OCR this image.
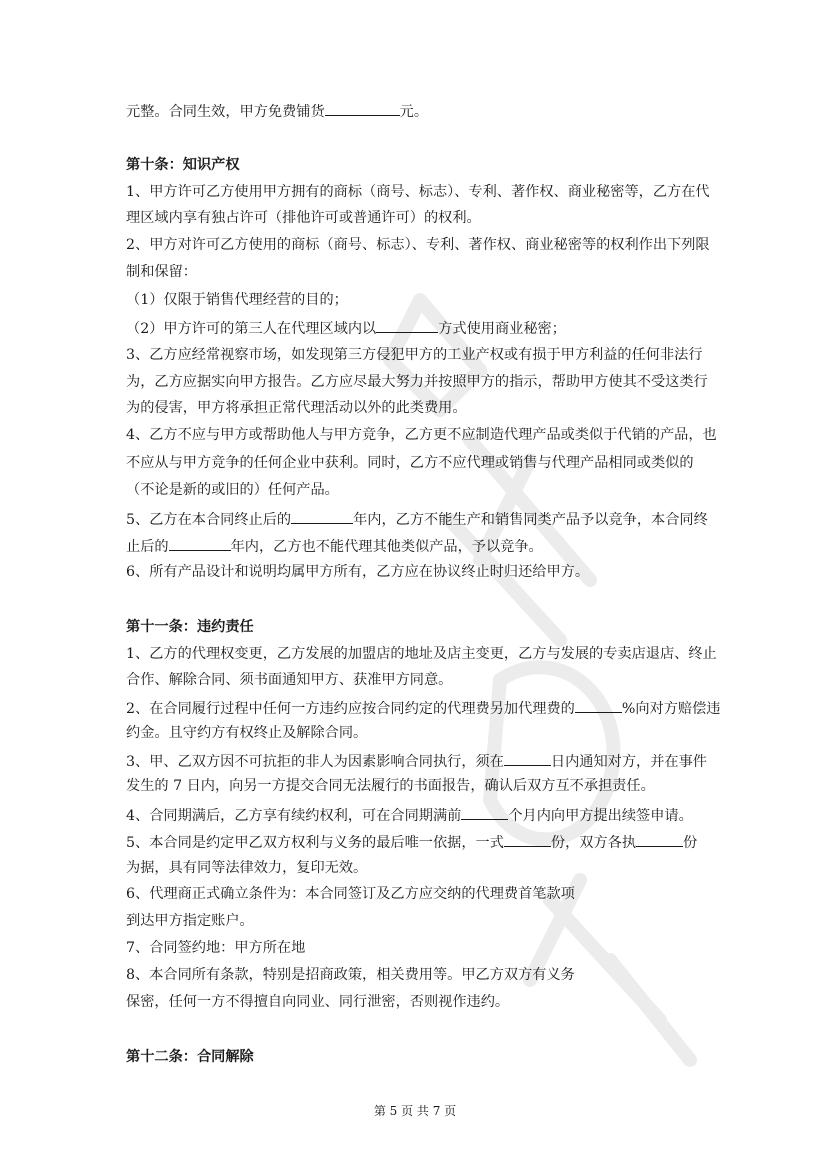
元整。合同生效，甲方免费铺货	元。
第十条：知识产权
1、甲方许可乙方使用甲方拥有的商标（商号、标志）、专利、著作权、商业秘密等，乙方在代
理区域内享有独占许可（排他许可或普通许可）的权利。
2、甲方对许可乙方使用的商标（商号、标志）、专利、著作权、商业秘密等的权利作出下列限
制和保留：
（1）仅限于销售代理经营的目的；
（2）甲方许可的第三人在代理区域内以	方式使用商业秘密；
3、乙方应经常视察市场，如发现第三方侵犯甲方的工业产权或有损于甲方利益的任何非法行
为，乙方应据实向甲方报告。乙方应尽最大努力并按照甲方的指示，帮助甲方使其不受这类行
为的侵害，甲方将承担正常代理活动以外的此类费用。
4、乙方不应与甲方或帮助他人与甲方竞争，乙方更不应制造代理产品或类似于代销的产品，也
不应从与甲方竞争的任何企业中获利。同时，乙方不应代理或销售与代理产品相同或类似的
（不论是新的或旧的）任何产品。
5、乙方在本合同终止后的	年内，乙方不能生产和销售同类产品予以竞争，本合同终
止后的	年内，乙方也不能代理其他类似产品，予以竞争。
6、所有产品设计和说明均属甲方所有，乙方应在协议终止时归还给甲方。
第十一条：违约责任
1、乙方的代理权变更，乙方发展的加盟店的地址及店主变更，乙方与发展的专卖店退店、终止
合作、解除合同、须书面通知甲方、获准甲方同意。
2、在合同履行过程中任何一方违约应按合同约定的代理费另加代理费的	%向对方赔偿违
约金。且守约方有权终止及解除合同。
3、甲、乙双方因不可抗拒的非人为因素影响合同执行，须在	日内通知对方，并在事件
发生的 7 日内，向另一方提交合同无法履行的书面报告，确认后双方互不承担责任。
4、合同期满后，乙方享有续约权利，可在合同期满前	个月内向甲方提出续签申请。
5、本合同是约定甲乙双方权利与义务的最后唯一依据，一式	份，双方各执	份
为据，具有同等法律效力，复印无效。
6、代理商正式确立条件为：本合同签订及乙方应交纳的代理费首笔款项
到达甲方指定账户。
7、合同签约地：甲方所在地
8、本合同所有条款，特别是招商政策，相关费用等。甲乙方双方有义务
保密，任何一方不得擅自向同业、同行泄密，否则视作违约。
第十二条：合同解除
第 5 页 共 7 页
